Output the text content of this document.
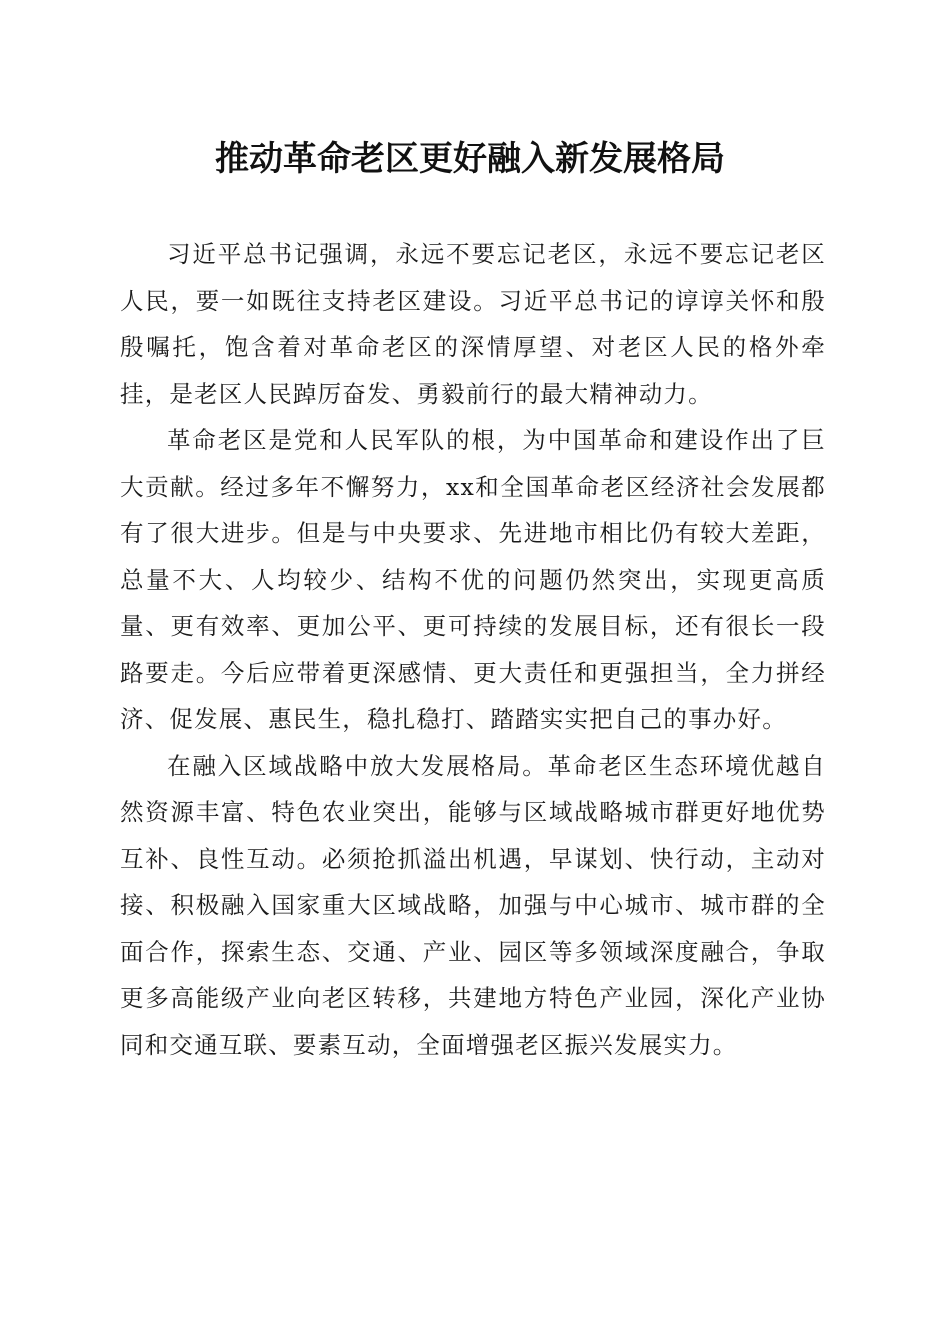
推动革命老区更好融入新发展格局

习近平总书记强调，永远不要忘记老区，永远不要忘记老区人民，要一如既往支持老区建设。习近平总书记的谆谆关怀和殷殷嘱托，饱含着对革命老区的深情厚望、对老区人民的格外牵挂，是老区人民踔厉奋发、勇毅前行的最大精神动力。

革命老区是党和人民军队的根，为中国革命和建设作出了巨大贡献。经过多年不懈努力，xx和全国革命老区经济社会发展都有了很大进步。但是与中央要求、先进地市相比仍有较大差距，总量不大、人均较少、结构不优的问题仍然突出，实现更高质量、更有效率、更加公平、更可持续的发展目标，还有很长一段路要走。今后应带着更深感情、更大责任和更强担当，全力拼经济、促发展、惠民生，稳扎稳打、踏踏实实把自己的事办好。

在融入区域战略中放大发展格局。革命老区生态环境优越自然资源丰富、特色农业突出，能够与区域战略城市群更好地优势互补、良性互动。必须抢抓溢出机遇，早谋划、快行动，主动对接、积极融入国家重大区域战略，加强与中心城市、城市群的全面合作，探索生态、交通、产业、园区等多领域深度融合，争取更多高能级产业向老区转移，共建地方特色产业园，深化产业协同和交通互联、要素互动，全面增强老区振兴发展实力。
